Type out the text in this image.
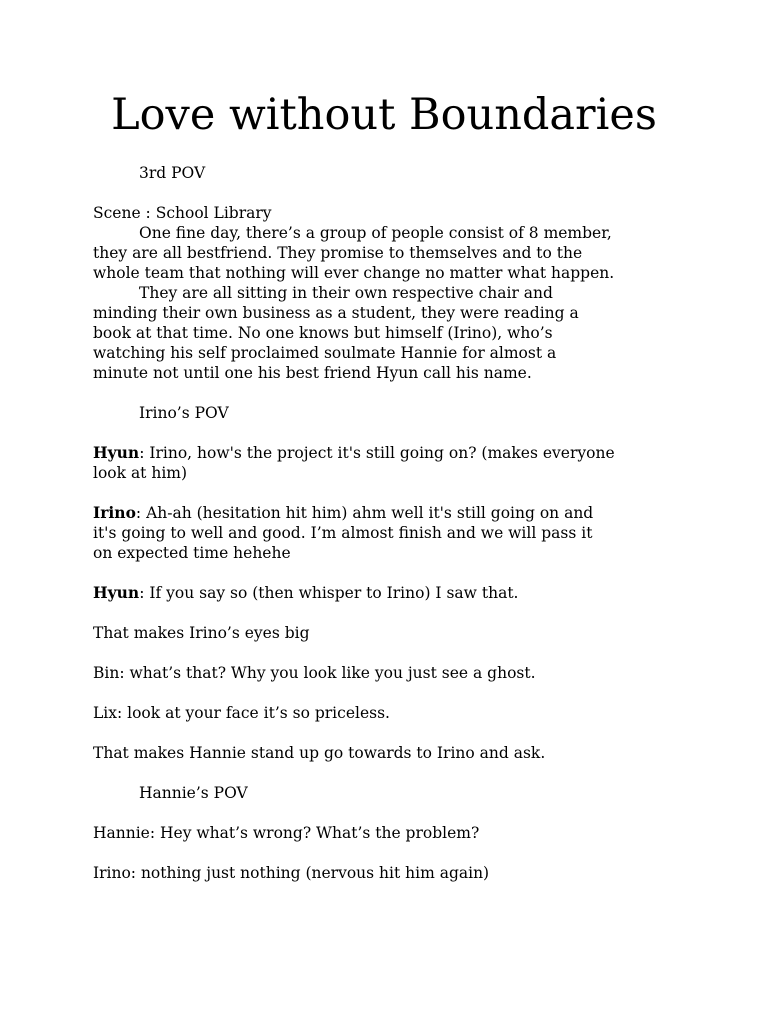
Love without Boundaries
3rd POV
Scene : School Library
One fine day, there’s a group of people consist of 8 member,
they are all bestfriend. They promise to themselves and to the
whole team that nothing will ever change no matter what happen.
They are all sitting in their own respective chair and
minding their own business as a student, they were reading a
book at that time. No one knows but himself (Irino), who’s
watching his self proclaimed soulmate Hannie for almost a
minute not until one his best friend Hyun call his name.
Irino’s POV
Hyun: Irino, how's the project it's still going on? (makes everyone
look at him)
Irino: Ah-ah (hesitation hit him) ahm well it's still going on and
it's going to well and good. I’m almost finish and we will pass it
on expected time hehehe
Hyun: If you say so (then whisper to Irino) I saw that.
That makes Irino’s eyes big
Bin: what’s that? Why you look like you just see a ghost.
Lix: look at your face it’s so priceless.
That makes Hannie stand up go towards to Irino and ask.
Hannie’s POV
Hannie: Hey what’s wrong? What’s the problem?
Irino: nothing just nothing (nervous hit him again)
